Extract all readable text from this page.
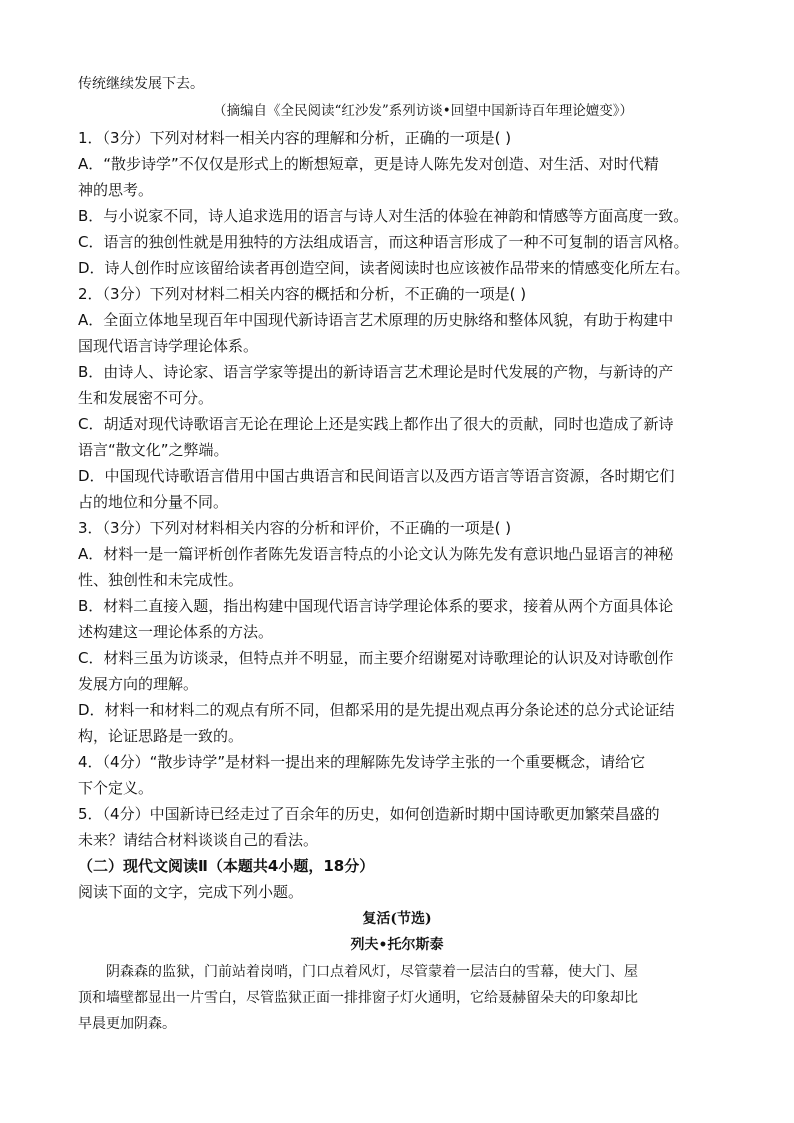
传统继续发展下去。
（摘编自《全民阅读“红沙发”系列访谈•回望中国新诗百年理论嬗变》）
1．（3分）下列对材料一相关内容的理解和分析，正确的一项是( )
A．“散步诗学”不仅仅是形式上的断想短章，更是诗人陈先发对创造、对生活、对时代精
神的思考。
B．与小说家不同，诗人追求选用的语言与诗人对生活的体验在神韵和情感等方面高度一致。
C．语言的独创性就是用独特的方法组成语言，而这种语言形成了一种不可复制的语言风格。
D．诗人创作时应该留给读者再创造空间，读者阅读时也应该被作品带来的情感变化所左右。
2．（3分）下列对材料二相关内容的概括和分析，不正确的一项是( )
A．全面立体地呈现百年中国现代新诗语言艺术原理的历史脉络和整体风貌，有助于构建中
国现代语言诗学理论体系。
B．由诗人、诗论家、语言学家等提出的新诗语言艺术理论是时代发展的产物，与新诗的产
生和发展密不可分。
C．胡适对现代诗歌语言无论在理论上还是实践上都作出了很大的贡献，同时也造成了新诗
语言“散文化”之弊端。
D．中国现代诗歌语言借用中国古典语言和民间语言以及西方语言等语言资源，各时期它们
占的地位和分量不同。
3．（3分）下列对材料相关内容的分析和评价，不正确的一项是( )
A．材料一是一篇评析创作者陈先发语言特点的小论文认为陈先发有意识地凸显语言的神秘
性、独创性和未完成性。
B．材料二直接入题，指出构建中国现代语言诗学理论体系的要求，接着从两个方面具体论
述构建这一理论体系的方法。
C．材料三虽为访谈录，但特点并不明显，而主要介绍谢冕对诗歌理论的认识及对诗歌创作
发展方向的理解。
D．材料一和材料二的观点有所不同，但都采用的是先提出观点再分条论述的总分式论证结
构，论证思路是一致的。
4．（4分）“散步诗学”是材料一提出来的理解陈先发诗学主张的一个重要概念，请给它
下个定义。
5．（4分）中国新诗已经走过了百余年的历史，如何创造新时期中国诗歌更加繁荣昌盛的
未来？请结合材料谈谈自己的看法。
（二）现代文阅读Ⅱ（本题共4小题，18分）
阅读下面的文字，完成下列小题。
复活(节选)
列夫•托尔斯泰
阴森森的监狱，门前站着岗哨，门口点着风灯，尽管蒙着一层洁白的雪幕，使大门、屋
顶和墙壁都显出一片雪白，尽管监狱正面一排排窗子灯火通明，它给聂赫留朵夫的印象却比
早晨更加阴森。
